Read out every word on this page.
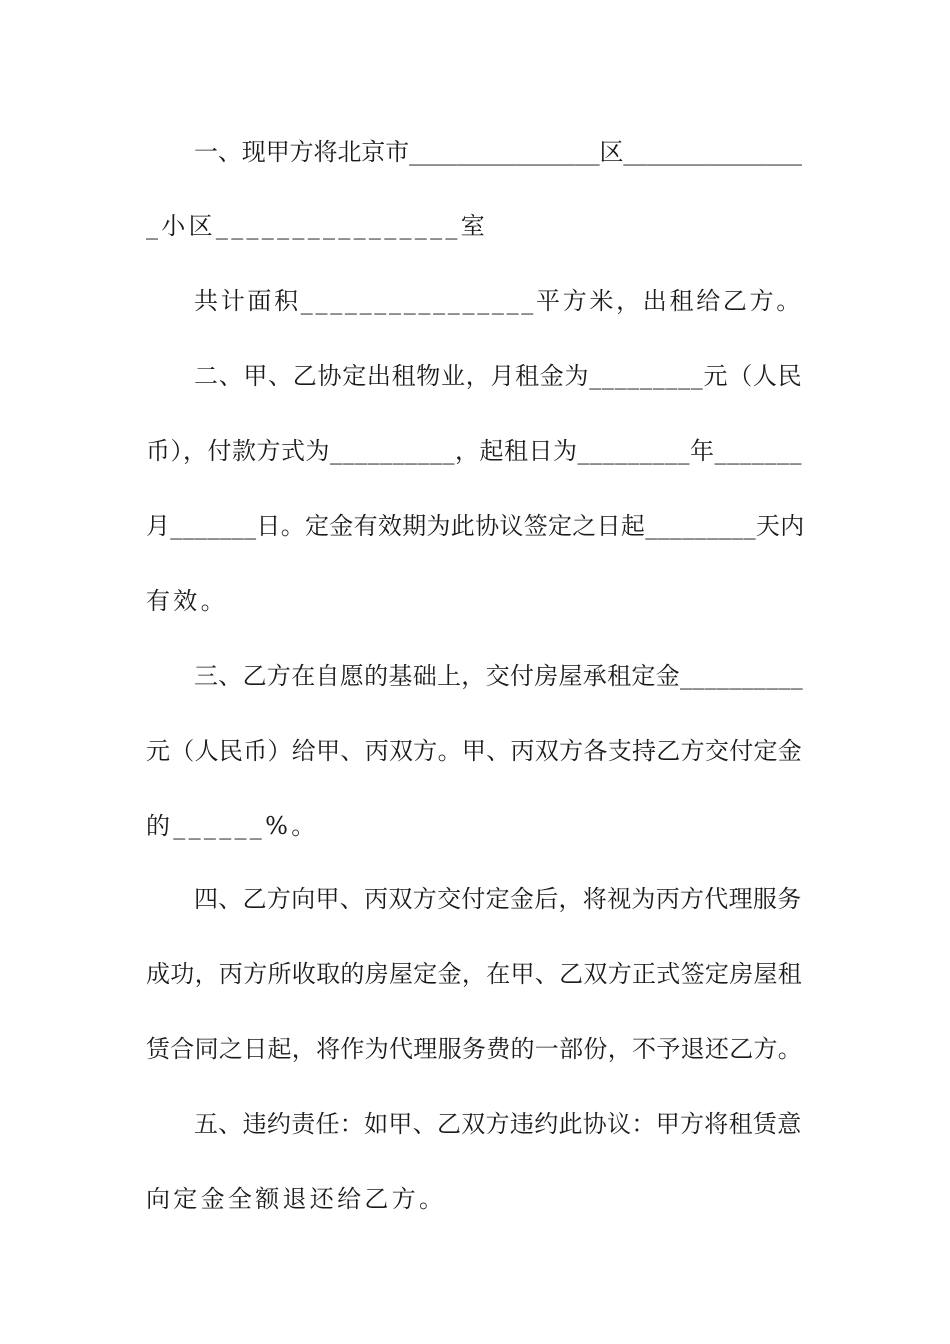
一、现甲方将北京市________________区_______________
_小区________________室
共计面积________________平方米，出租给乙方。
二、甲、乙协定出租物业，月租金为_________元（人民
币），付款方式为__________，起租日为_________年_______
月_______日。定金有效期为此协议签定之日起_________天内
有效。
三、乙方在自愿的基础上，交付房屋承租定金__________
元（人民币）给甲、丙双方。甲、丙双方各支持乙方交付定金
的______%。
四、乙方向甲、丙双方交付定金后，将视为丙方代理服务
成功，丙方所收取的房屋定金，在甲、乙双方正式签定房屋租
赁合同之日起，将作为代理服务费的一部份，不予退还乙方。
五、违约责任：如甲、乙双方违约此协议：甲方将租赁意
向定金全额退还给乙方。
